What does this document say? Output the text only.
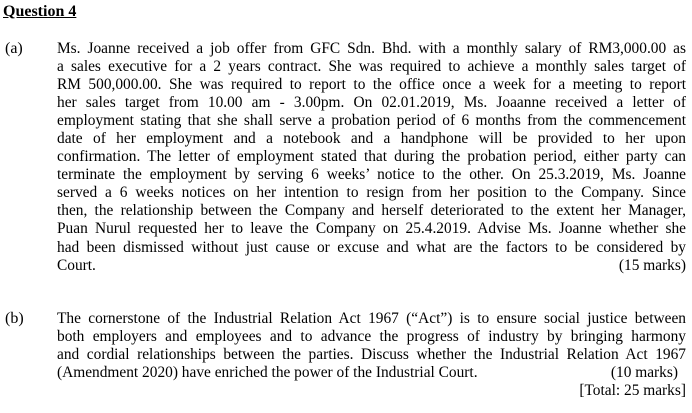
Question 4
(a) Ms. Joanne received a job offer from GFC Sdn. Bhd. with a monthly salary of RM3,000.00 as
a sales executive for a 2 years contract. She was required to achieve a monthly sales target of
RM 500,000.00. She was required to report to the office once a week for a meeting to report
her sales target from 10.00 am - 3.00pm. On 02.01.2019, Ms. Joaanne received a letter of
employment stating that she shall serve a probation period of 6 months from the commencement
date of her employment and a notebook and a handphone will be provided to her upon
confirmation. The letter of employment stated that during the probation period, either party can
terminate the employment by serving 6 weeks’ notice to the other. On 25.3.2019, Ms. Joanne
served a 6 weeks notices on her intention to resign from her position to the Company. Since
then, the relationship between the Company and herself deteriorated to the extent her Manager,
Puan Nurul requested her to leave the Company on 25.4.2019. Advise Ms. Joanne whether she
had been dismissed without just cause or excuse and what are the factors to be considered by
Court.	(15 marks)
(b) The cornerstone of the Industrial Relation Act 1967 (“Act”) is to ensure social justice between
both employers and employees and to advance the progress of industry by bringing harmony
and cordial relationships between the parties. Discuss whether the Industrial Relation Act 1967
(Amendment 2020) have enriched the power of the Industrial Court.	(10 marks)
[Total: 25 marks]
